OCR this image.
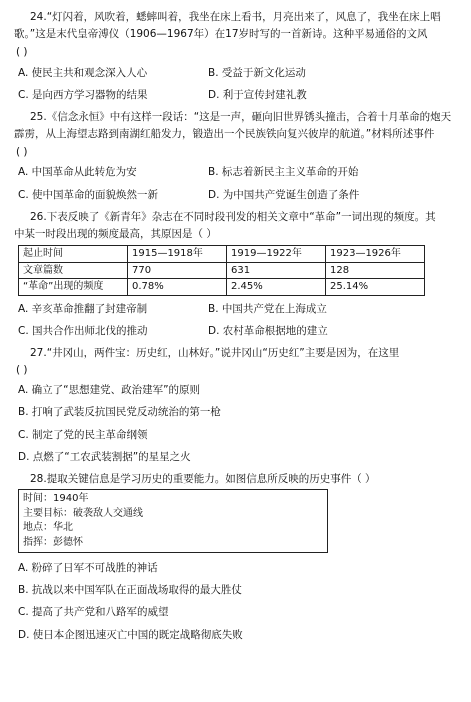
24.“灯闪着，风吹着，蟋蟀叫着，我坐在床上看书，月亮出来了，风息了，我坐在床上唱
歌。”这是末代皇帝溥仪（1906—1967年）在17岁时写的一首新诗。这种平易通俗的文风
( )
A. 使民主共和观念深入人心	B. 受益于新文化运动
C. 是向西方学习器物的结果	D. 利于宣传封建礼教
25.《信念永恒》中有这样一段话：“这是一声，砸向旧世界锈头撞击，合着十月革命的炮天
霹雳，从上海望志路到南湖红船发力，锻造出一个民族铁向复兴彼岸的航道。”材料所述事件
( )
A. 中国革命从此转危为安	B. 标志着新民主主义革命的开始
C. 使中国革命的面貌焕然一新	D. 为中国共产党诞生创造了条件
26.下表反映了《新青年》杂志在不同时段刊发的相关文章中“革命”一词出现的频度。其
中某一时段出现的频度最高，其原因是（ ）
起止时间	1915—1918年	1919—1922年	1923—1926年
文章篇数	770	631	128
“革命”出现的频度	0.78%	2.45%	25.14%
A. 辛亥革命推翻了封建帝制	B. 中国共产党在上海成立
C. 国共合作出师北伐的推动	D. 农村革命根据地的建立
27.“井冈山，两件宝：历史红，山林好。”说井冈山“历史红”主要是因为，在这里
( )
A. 确立了“思想建党、政治建军”的原则
B. 打响了武装反抗国民党反动统治的第一枪
C. 制定了党的民主革命纲领
D. 点燃了“工农武装割据”的星星之火
28.提取关键信息是学习历史的重要能力。如图信息所反映的历史事件（ ）
时间：1940年
主要目标：破袭敌人交通线
地点：华北
指挥：彭德怀
A. 粉碎了日军不可战胜的神话
B. 抗战以来中国军队在正面战场取得的最大胜仗
C. 提高了共产党和八路军的威望
D. 使日本企图迅速灭亡中国的既定战略彻底失败
